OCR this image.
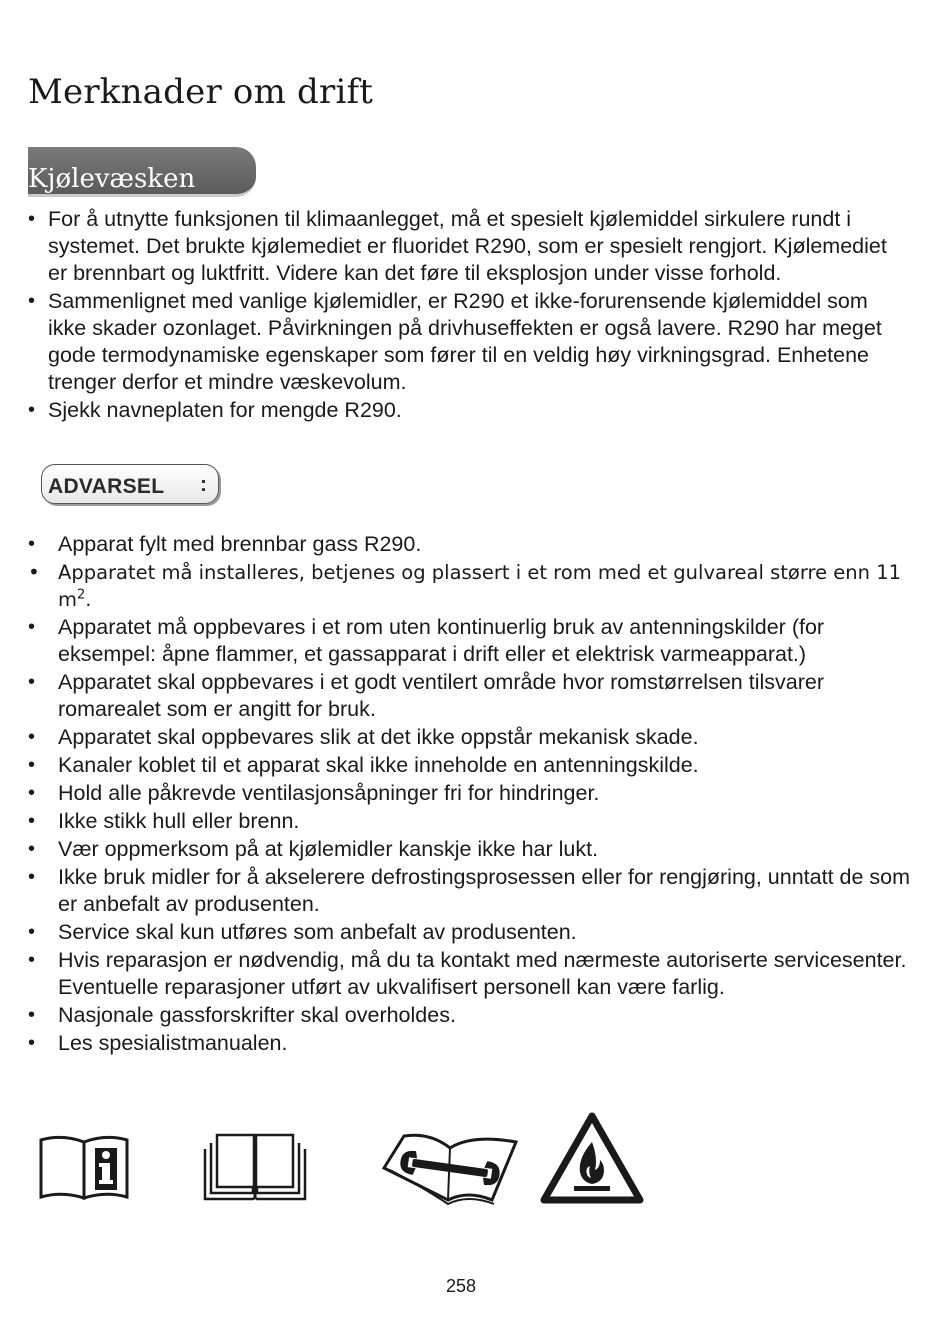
Merknader om drift
Kjølevæsken
• For å utnytte funksjonen til klimaanlegget, må et spesielt kjølemiddel sirkulere rundt i systemet. Det brukte kjølemediet er fluoridet R290, som er spesielt rengjort. Kjølemediet er brennbart og luktfritt. Videre kan det føre til eksplosjon under visse forhold.
• Sammenlignet med vanlige kjølemidler, er R290 et ikke-forurensende kjølemiddel som ikke skader ozonlaget. Påvirkningen på drivhuseffekten er også lavere. R290 har meget gode termodynamiske egenskaper som fører til en veldig høy virkningsgrad. Enhetene trenger derfor et mindre væskevolum.
• Sjekk navneplaten for mengde R290.
ADVARSEL :
• Apparat fylt med brennbar gass R290.
• Apparatet må installeres, betjenes og plassert i et rom med et gulvareal større enn 11 $m^2$.
• Apparatet må oppbevares i et rom uten kontinuerlig bruk av antenningskilder (for eksempel: åpne flammer, et gassapparat i drift eller et elektrisk varmeapparat.)
• Apparatet skal oppbevares i et godt ventilert område hvor romstørrelsen tilsvarer romarealet som er angitt for bruk.
• Apparatet skal oppbevares slik at det ikke oppstår mekanisk skade.
• Kanaler koblet til et apparat skal ikke inneholde en antenningskilde.
• Hold alle påkrevde ventilasjonsåpninger fri for hindringer.
• Ikke stikk hull eller brenn.
• Vær oppmerksom på at kjølemidler kanskje ikke har lukt.
• Ikke bruk midler for å akselerere defrostingsprosessen eller for rengjøring, unntatt de som er anbefalt av produsenten.
• Service skal kun utføres som anbefalt av produsenten.
• Hvis reparasjon er nødvendig, må du ta kontakt med nærmeste autoriserte servicesenter. Eventuelle reparasjoner utført av ukvalifisert personell kan være farlig.
• Nasjonale gassforskrifter skal overholdes.
• Les spesialistmanualen.
258
